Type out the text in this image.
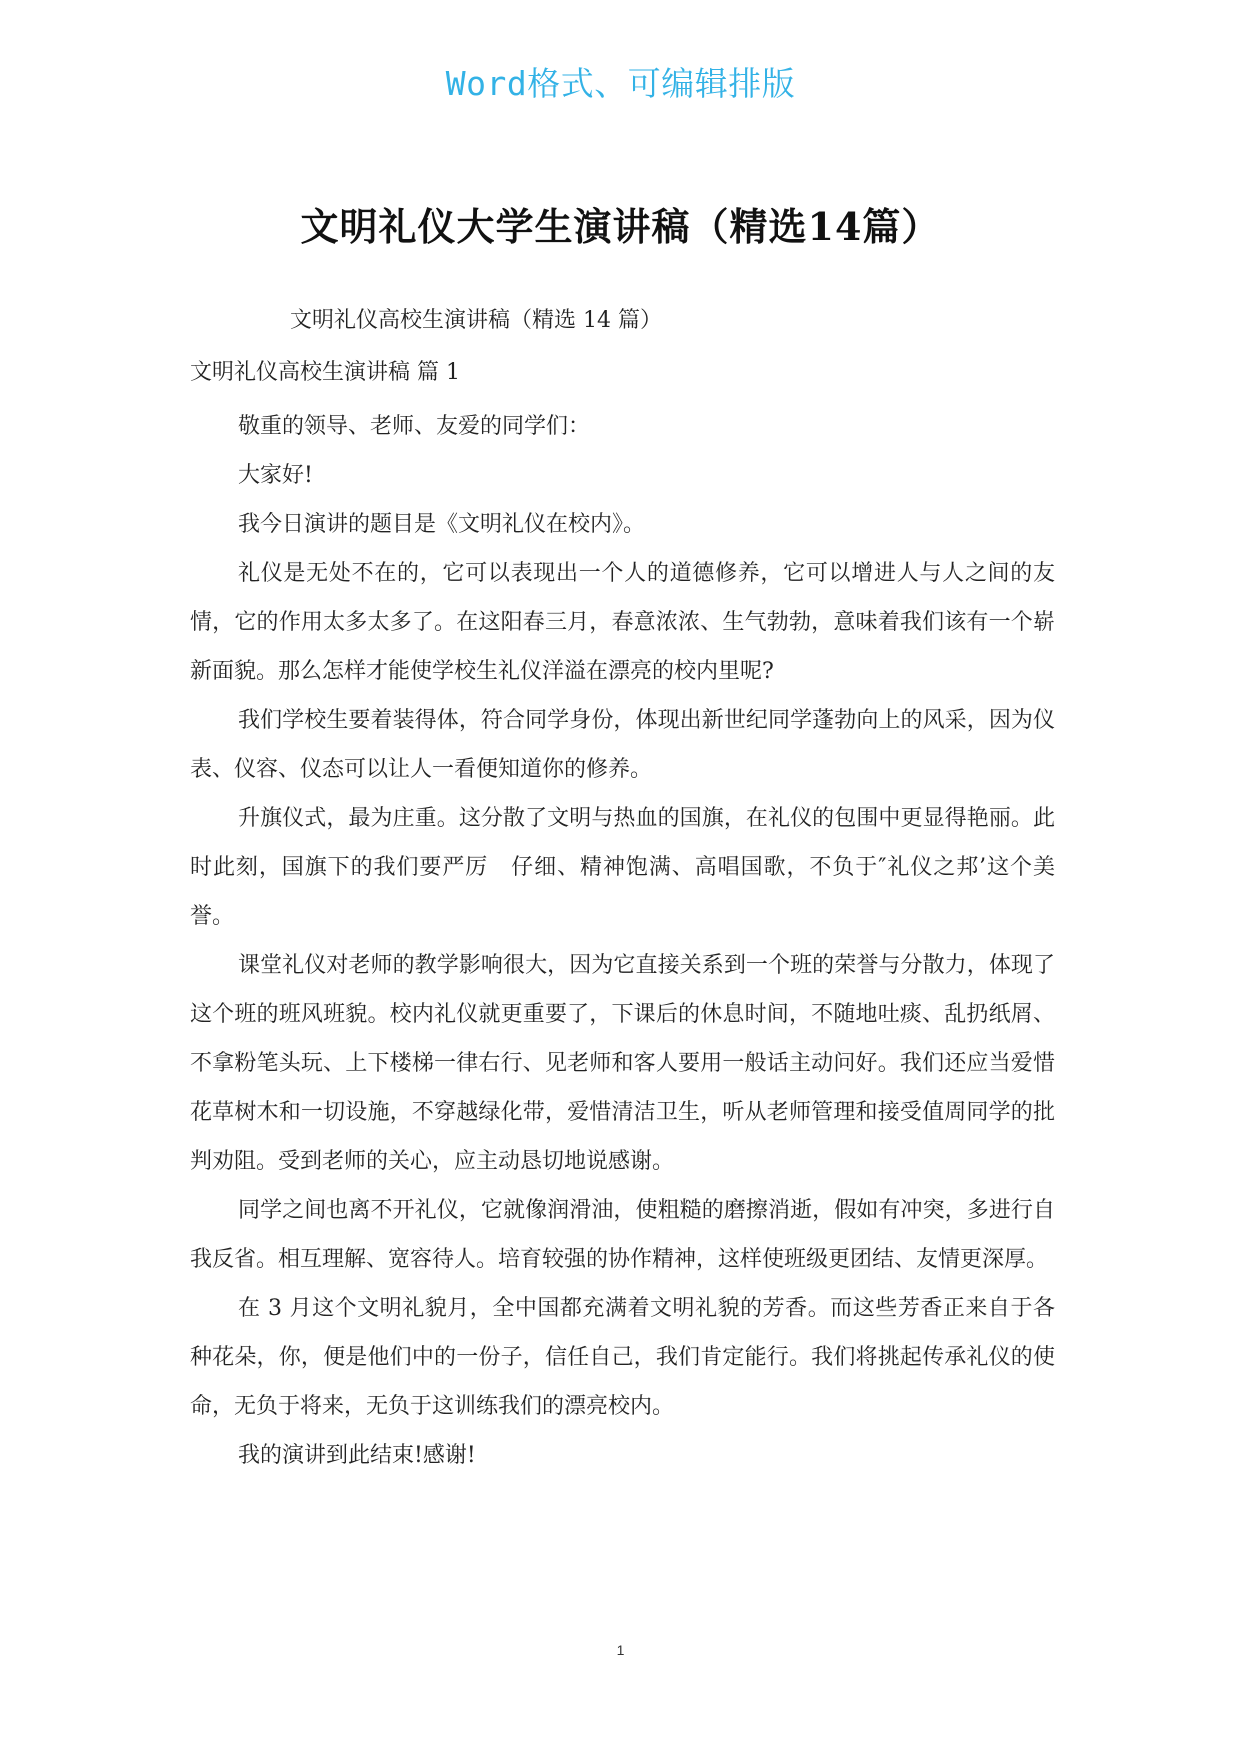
Word格式、可编辑排版
文明礼仪大学生演讲稿（精选14篇）
文明礼仪高校生演讲稿（精选 14 篇）
文明礼仪高校生演讲稿 篇 1

敬重的领导、老师、友爱的同学们：

大家好!

我今日演讲的题目是《文明礼仪在校内》。

礼仪是无处不在的，它可以表现出一个人的道德修养，它可以增进人与人之间的友情，它的作用太多太多了。在这阳春三月，春意浓浓、生气勃勃，意味着我们该有一个崭新面貌。那么怎样才能使学校生礼仪洋溢在漂亮的校内里呢?

我们学校生要着装得体，符合同学身份，体现出新世纪同学蓬勃向上的风采，因为仪表、仪容、仪态可以让人一看便知道你的修养。

升旗仪式，最为庄重。这分散了文明与热血的国旗，在礼仪的包围中更显得艳丽。此时此刻，国旗下的我们要严厉　仔细、精神饱满、高唱国歌，不负于″礼仪之邦’这个美誉。

课堂礼仪对老师的教学影响很大，因为它直接关系到一个班的荣誉与分散力，体现了这个班的班风班貌。校内礼仪就更重要了，下课后的休息时间，不随地吐痰、乱扔纸屑、不拿粉笔头玩、上下楼梯一律右行、见老师和客人要用一般话主动问好。我们还应当爱惜花草树木和一切设施，不穿越绿化带，爱惜清洁卫生，听从老师管理和接受值周同学的批判劝阻。受到老师的关心，应主动恳切地说感谢。

同学之间也离不开礼仪，它就像润滑油，使粗糙的磨擦消逝，假如有冲突，多进行自我反省。相互理解、宽容待人。培育较强的协作精神，这样使班级更团结、友情更深厚。

在 3 月这个文明礼貌月，全中国都充满着文明礼貌的芳香。而这些芳香正来自于各种花朵，你，便是他们中的一份子，信任自己，我们肯定能行。我们将挑起传承礼仪的使命，无负于将来，无负于这训练我们的漂亮校内。

我的演讲到此结束!感谢!

1
